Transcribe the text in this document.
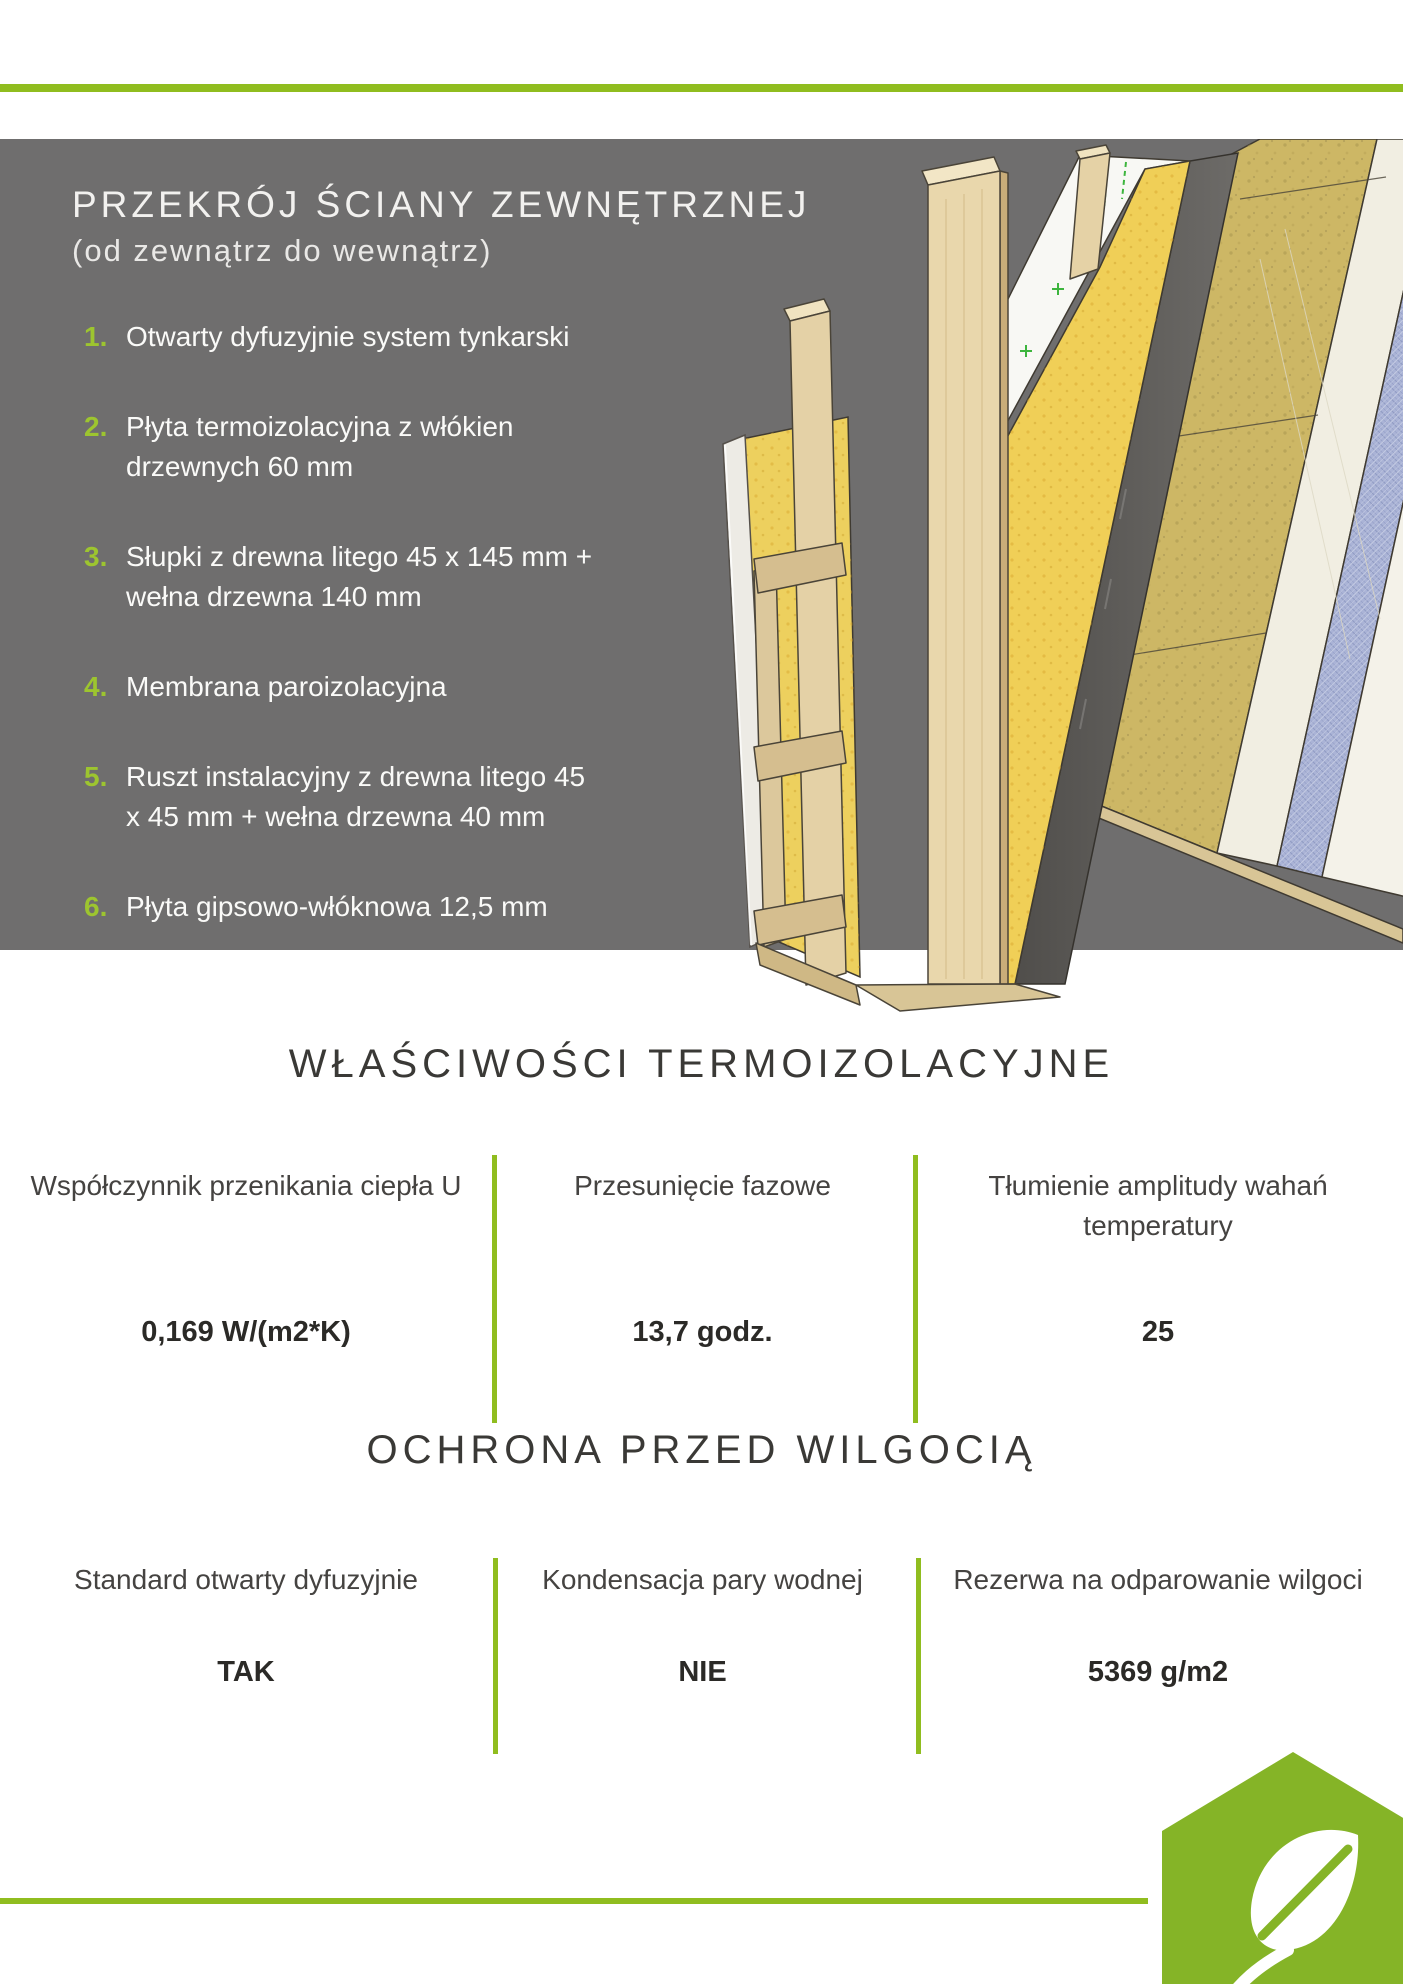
PRZEKRÓJ ŚCIANY ZEWNĘTRZNEJ
(od zewnątrz do wewnątrz)
1. Otwarty dyfuzyjnie system tynkarski
2. Płyta termoizolacyjna z włókien drzewnych 60 mm
3. Słupki z drewna litego 45 x 145 mm + wełna drzewna 140 mm
4. Membrana paroizolacyjna
5. Ruszt instalacyjny z drewna litego 45 x 45 mm + wełna drzewna 40 mm
6. Płyta gipsowo-włóknowa 12,5 mm
WŁAŚCIWOŚCI TERMOIZOLACYJNE
Współczynnik przenikania ciepła U
0,169 W/(m2*K)
Przesunięcie fazowe
13,7 godz.
Tłumienie amplitudy wahań temperatury
25
OCHRONA PRZED WILGOCIĄ
Standard otwarty dyfuzyjnie
TAK
Kondensacja pary wodnej
NIE
Rezerwa na odparowanie wilgoci
5369 g/m2
